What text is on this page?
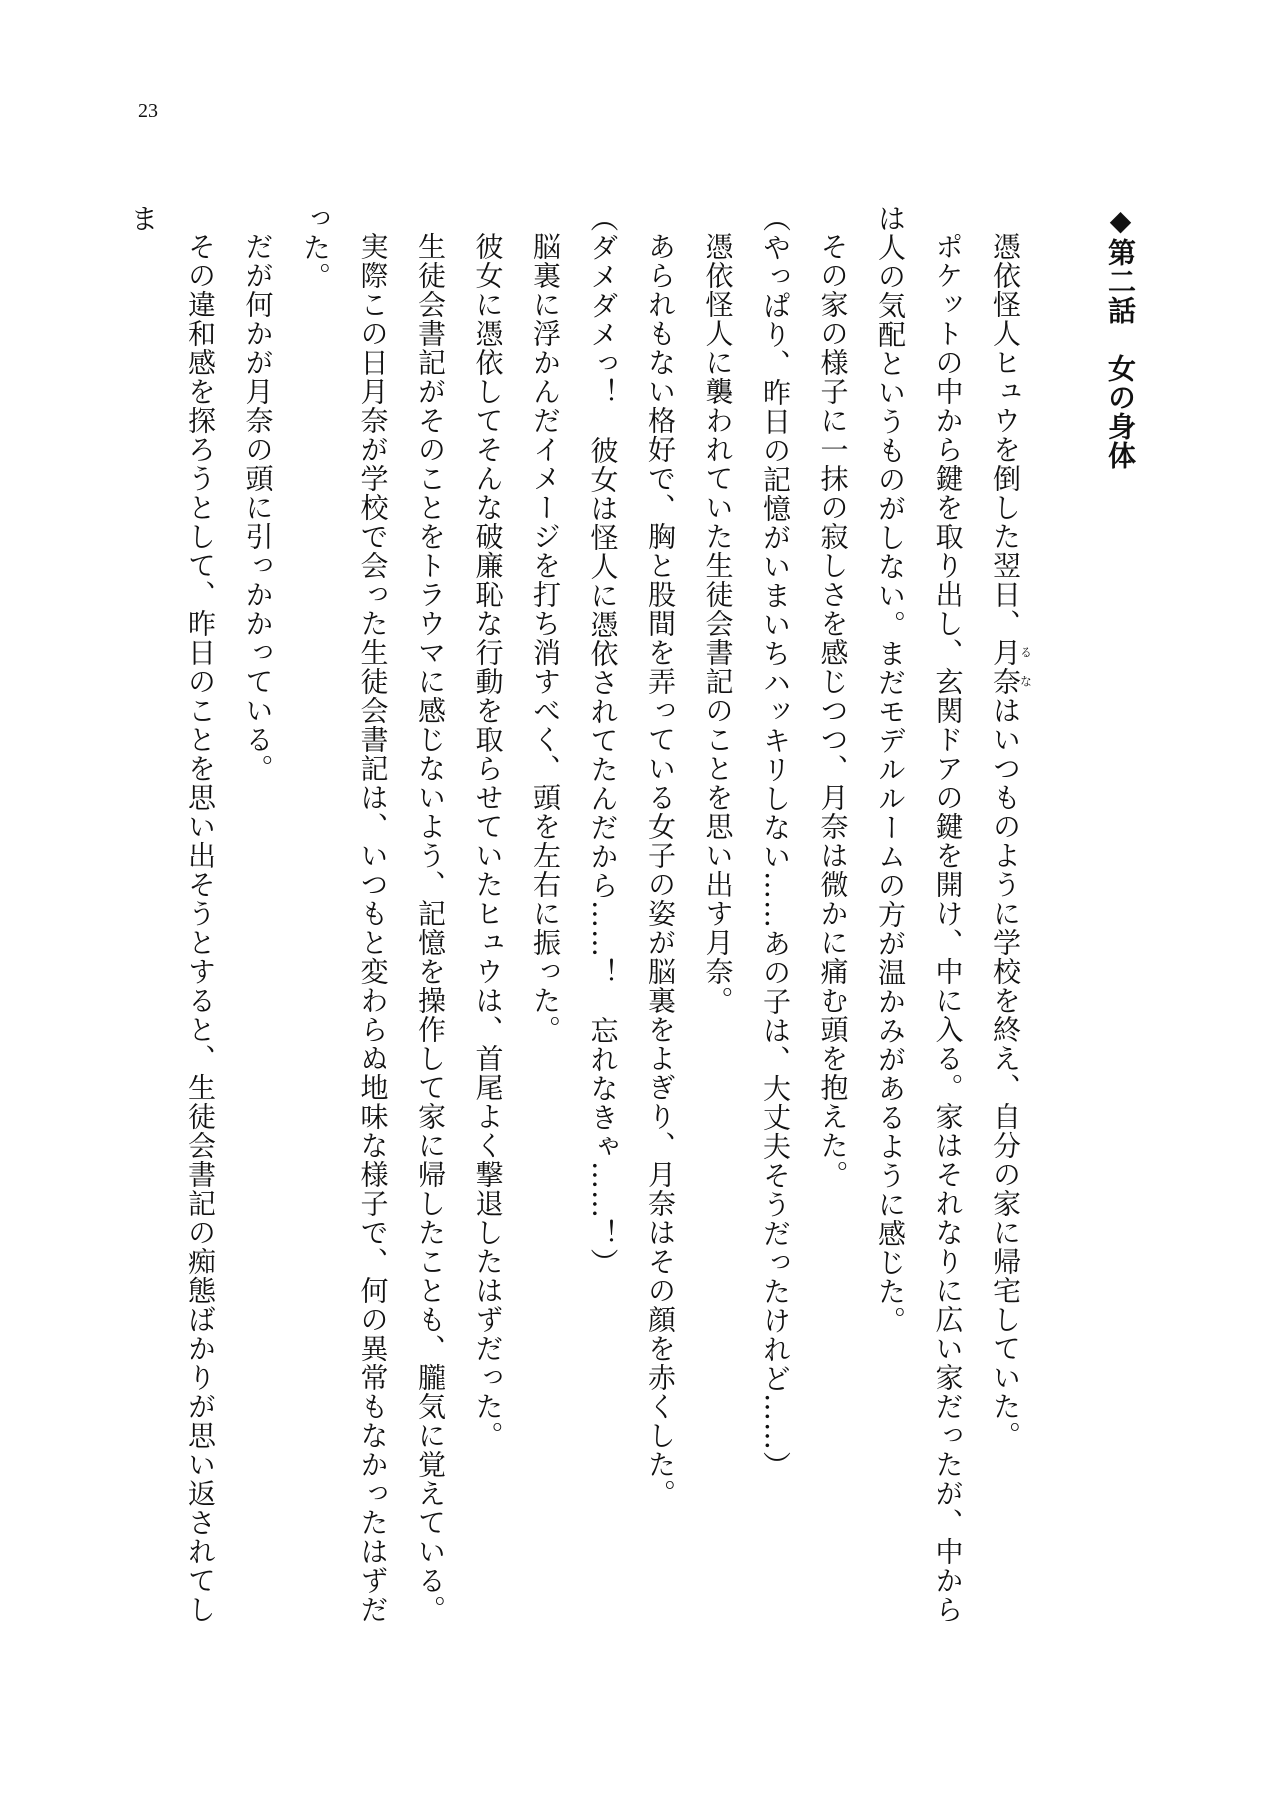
23
◆第二話　女の身体

憑依怪人ヒュウを倒した翌日、月奈るなはいつものように学校を終え、自分の家に帰宅していた。

ポケットの中から鍵を取り出し、玄関ドアの鍵を開け、中に入る。家はそれなりに広い家だったが、中からは人の気配というものがしない。まだモデルルームの方が温かみがあるように感じた。

その家の様子に一抹の寂しさを感じつつ、月奈は微かに痛む頭を抱えた。

（やっぱり、昨日の記憶がいまいちハッキリしない……あの子は、大丈夫そうだったけれど……）

憑依怪人に襲われていた生徒会書記のことを思い出す月奈。

あられもない格好で、胸と股間を弄っている女子の姿が脳裏をよぎり、月奈はその顔を赤くした。

（ダメダメっ！　彼女は怪人に憑依されてたんだから……！　忘れなきゃ……！）

脳裏に浮かんだイメージを打ち消すべく、頭を左右に振った。

彼女に憑依してそんな破廉恥な行動を取らせていたヒュウは、首尾よく撃退したはずだった。

生徒会書記がそのことをトラウマに感じないよう、記憶を操作して家に帰したことも、朧気に覚えている。

実際この日月奈が学校で会った生徒会書記は、いつもと変わらぬ地味な様子で、何の異常もなかったはずだった。

だが何かが月奈の頭に引っかかっている。

その違和感を探ろうとして、昨日のことを思い出そうとすると、生徒会書記の痴態ばかりが思い返されてしま
